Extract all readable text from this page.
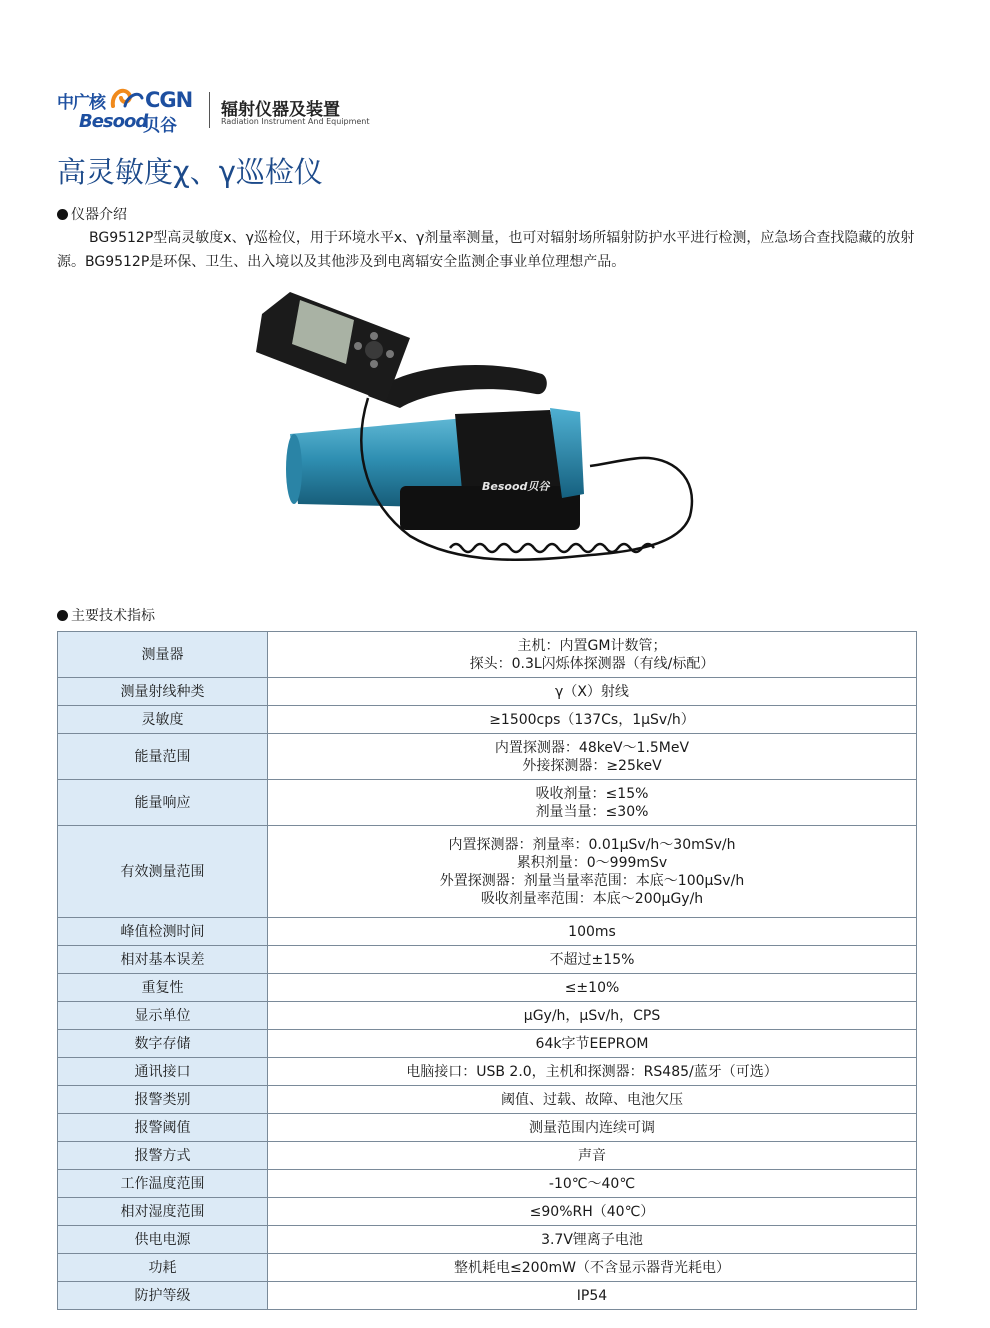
中广核 CGN
Besood
贝谷
辐射仪器及装置
Radiation Instrument And Equipment
高灵敏度χ、γ巡检仪
仪器介绍
BG9512P型高灵敏度x、γ巡检仪，用于环境水平x、γ剂量率测量，也可对辐射场所辐射防护水平进行检测，应急场合查找隐藏的放射源。BG9512P是环保、卫生、出入境以及其他涉及到电离辐安全监测企事业单位理想产品。
Besood贝谷
主要技术指标
测量器	主机：内置GM计数管；
探头：0.3L闪烁体探测器（有线/标配）

测量射线种类	γ（X）射线

灵敏度	≥1500cps（137Cs，1μSv/h）

能量范围	内置探测器：48keV～1.5MeV
外接探测器：≥25keV

能量响应	吸收剂量：≤15%
剂量当量：≤30%

有效测量范围	内置探测器：剂量率：0.01μSv/h～30mSv/h
累积剂量：0～999mSv
外置探测器：剂量当量率范围：本底～100μSv/h
吸收剂量率范围：本底～200μGy/h

峰值检测时间	100ms

相对基本误差	不超过±15%

重复性	≤±10%

显示单位	μGy/h，μSv/h，CPS

数字存储	64k字节EEPROM

通讯接口	电脑接口：USB 2.0，主机和探测器：RS485/蓝牙（可选）

报警类别	阈值、过载、故障、电池欠压

报警阈值	测量范围内连续可调

报警方式	声音

工作温度范围	-10℃～40℃

相对湿度范围	≤90%RH（40℃）

供电电源	3.7V锂离子电池

功耗	整机耗电≤200mW（不含显示器背光耗电）

防护等级	IP54
